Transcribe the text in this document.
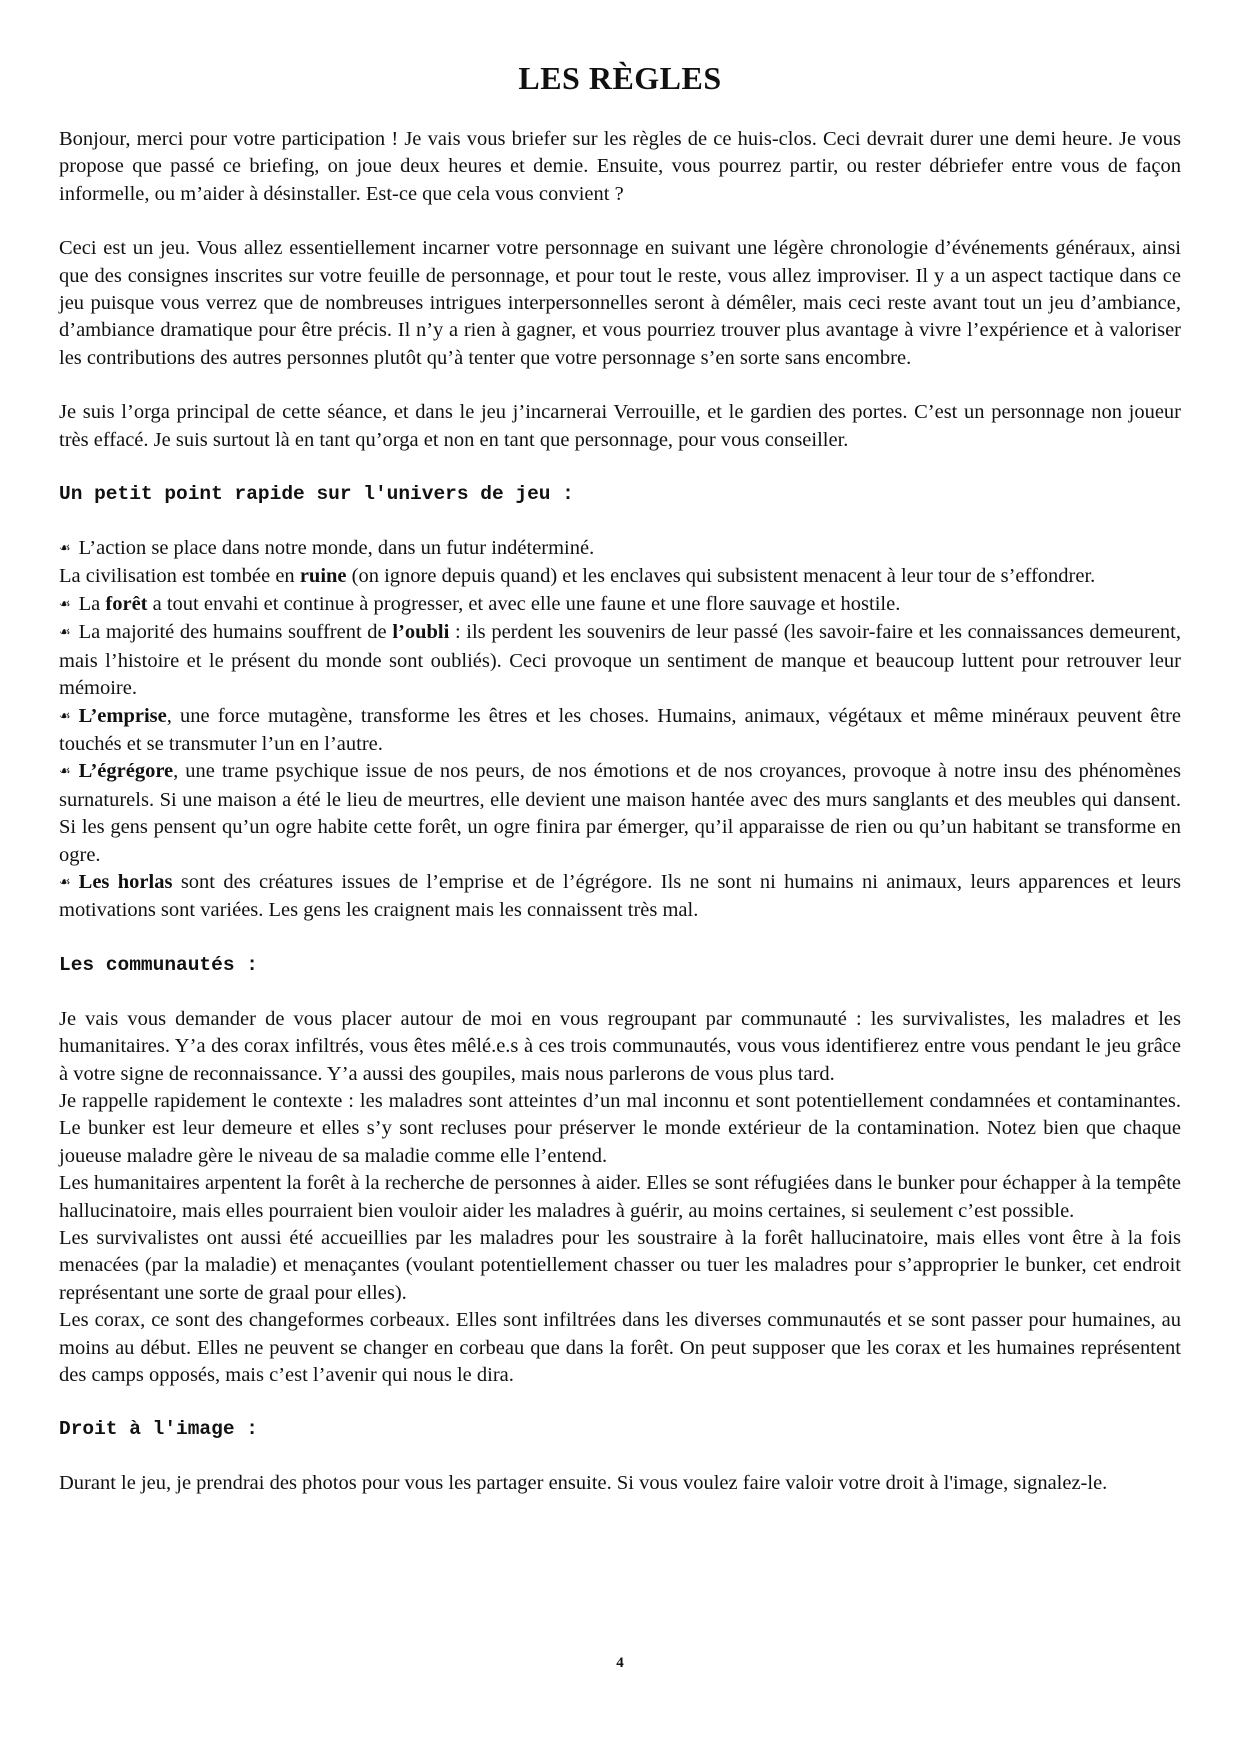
LES RÈGLES

Bonjour, merci pour votre participation ! Je vais vous briefer sur les règles de ce huis-clos. Ceci devrait durer une demi heure. Je vous propose que passé ce briefing, on joue deux heures et demie. Ensuite, vous pourrez partir, ou rester débriefer entre vous de façon informelle, ou m’aider à désinstaller. Est-ce que cela vous convient ?

Ceci est un jeu. Vous allez essentiellement incarner votre personnage en suivant une légère chronologie d’événements généraux, ainsi que des consignes inscrites sur votre feuille de personnage, et pour tout le reste, vous allez improviser. Il y a un aspect tactique dans ce jeu puisque vous verrez que de nombreuses intrigues interpersonnelles seront à démêler, mais ceci reste avant tout un jeu d’ambiance, d’ambiance dramatique pour être précis. Il n’y a rien à gagner, et vous pourriez trouver plus avantage à vivre l’expérience et à valoriser les contributions des autres personnes plutôt qu’à tenter que votre personnage s’en sorte sans encombre.

Je suis l’orga principal de cette séance, et dans le jeu j’incarnerai Verrouille, et le gardien des portes. C’est un personnage non joueur très effacé. Je suis surtout là en tant qu’orga et non en tant que personnage, pour vous conseiller.

Un petit point rapide sur l'univers de jeu :

☙ L’action se place dans notre monde, dans un futur indéterminé.

La civilisation est tombée en ruine (on ignore depuis quand) et les enclaves qui subsistent menacent à leur tour de s’effondrer.

☙ La forêt a tout envahi et continue à progresser, et avec elle une faune et une flore sauvage et hostile.

☙ La majorité des humains souffrent de l’oubli : ils perdent les souvenirs de leur passé (les savoir-faire et les connaissances demeurent, mais l’histoire et le présent du monde sont oubliés). Ceci provoque un sentiment de manque et beaucoup luttent pour retrouver leur mémoire.

☙ L’emprise, une force mutagène, transforme les êtres et les choses. Humains, animaux, végétaux et même minéraux peuvent être touchés et se transmuter l’un en l’autre.

☙ L’égrégore, une trame psychique issue de nos peurs, de nos émotions et de nos croyances, provoque à notre insu des phénomènes surnaturels. Si une maison a été le lieu de meurtres, elle devient une maison hantée avec des murs sanglants et des meubles qui dansent. Si les gens pensent qu’un ogre habite cette forêt, un ogre finira par émerger, qu’il apparaisse de rien ou qu’un habitant se transforme en ogre.

☙ Les horlas sont des créatures issues de l’emprise et de l’égrégore. Ils ne sont ni humains ni animaux, leurs apparences et leurs motivations sont variées. Les gens les craignent mais les connaissent très mal.

Les communautés :

Je vais vous demander de vous placer autour de moi en vous regroupant par communauté : les survivalistes, les maladres et les humanitaires. Y’a des corax infiltrés, vous êtes mêlé.e.s à ces trois communautés, vous vous identifierez entre vous pendant le jeu grâce à votre signe de reconnaissance. Y’a aussi des goupiles, mais nous parlerons de vous plus tard.

Je rappelle rapidement le contexte : les maladres sont atteintes d’un mal inconnu et sont potentiellement condamnées et contaminantes. Le bunker est leur demeure et elles s’y sont recluses pour préserver le monde extérieur de la contamination. Notez bien que chaque joueuse maladre gère le niveau de sa maladie comme elle l’entend.

Les humanitaires arpentent la forêt à la recherche de personnes à aider. Elles se sont réfugiées dans le bunker pour échapper à la tempête hallucinatoire, mais elles pourraient bien vouloir aider les maladres à guérir, au moins certaines, si seulement c’est possible.

Les survivalistes ont aussi été accueillies par les maladres pour les soustraire à la forêt hallucinatoire, mais elles vont être à la fois menacées (par la maladie) et menaçantes (voulant potentiellement chasser ou tuer les maladres pour s’approprier le bunker, cet endroit représentant une sorte de graal pour elles).

Les corax, ce sont des changeformes corbeaux. Elles sont infiltrées dans les diverses communautés et se sont passer pour humaines, au moins au début. Elles ne peuvent se changer en corbeau que dans la forêt. On peut supposer que les corax et les humaines représentent des camps opposés, mais c’est l’avenir qui nous le dira.

Droit à l'image :

Durant le jeu, je prendrai des photos pour vous les partager ensuite. Si vous voulez faire valoir votre droit à l'image, signalez-le.

4
